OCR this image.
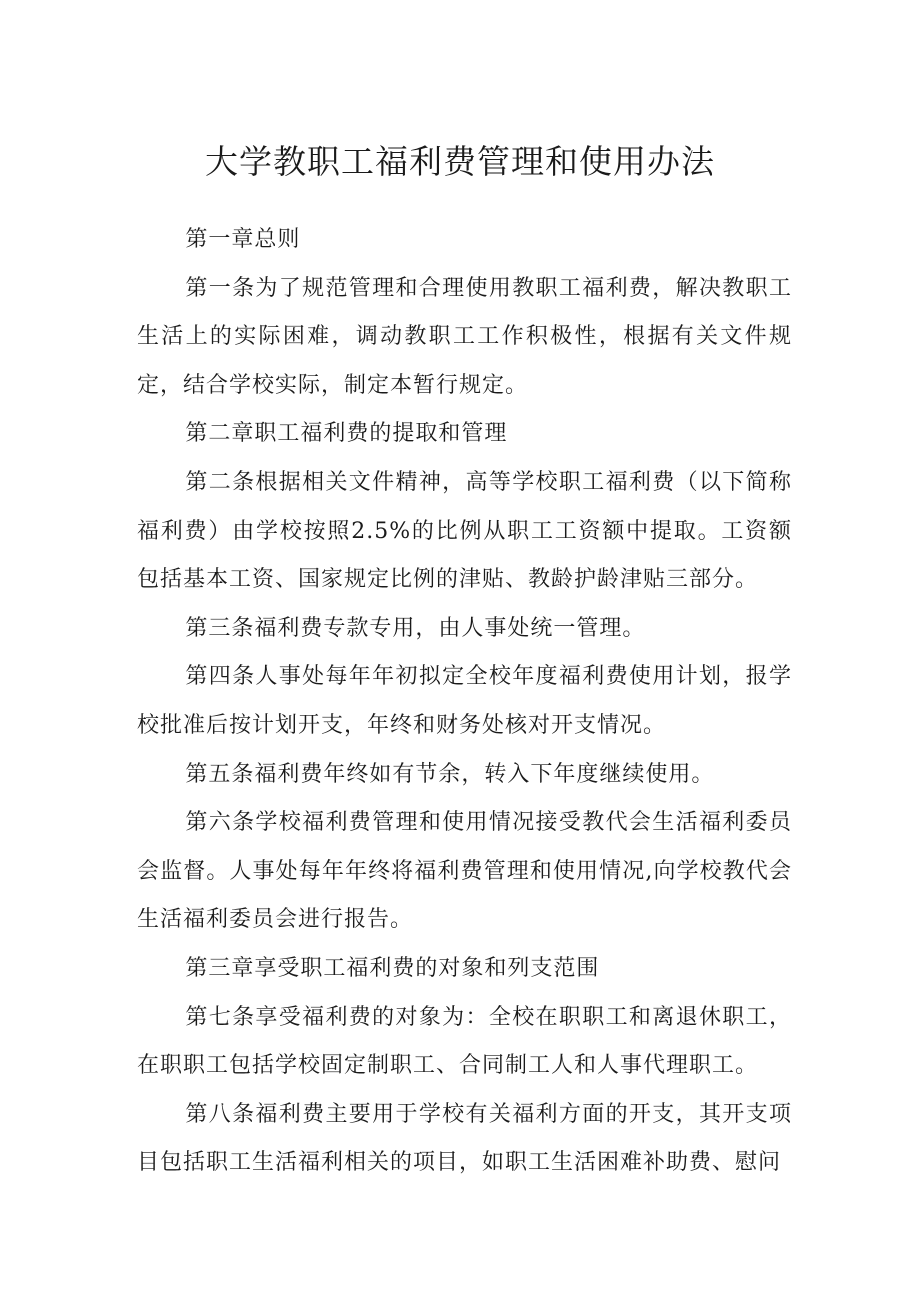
大学教职工福利费管理和使用办法

第一章总则

第一条为了规范管理和合理使用教职工福利费，解决教职工生活上的实际困难，调动教职工工作积极性，根据有关文件规定，结合学校实际，制定本暂行规定。

第二章职工福利费的提取和管理

第二条根据相关文件精神，高等学校职工福利费（以下简称福利费）由学校按照2.5%的比例从职工工资额中提取。工资额包括基本工资、国家规定比例的津贴、教龄护龄津贴三部分。

第三条福利费专款专用，由人事处统一管理。

第四条人事处每年年初拟定全校年度福利费使用计划，报学校批准后按计划开支，年终和财务处核对开支情况。

第五条福利费年终如有节余，转入下年度继续使用。

第六条学校福利费管理和使用情况接受教代会生活福利委员会监督。人事处每年年终将福利费管理和使用情况,向学校教代会生活福利委员会进行报告。

第三章享受职工福利费的对象和列支范围

第七条享受福利费的对象为：全校在职职工和离退休职工，在职职工包括学校固定制职工、合同制工人和人事代理职工。

第八条福利费主要用于学校有关福利方面的开支，其开支项目包括职工生活福利相关的项目，如职工生活困难补助费、慰问
